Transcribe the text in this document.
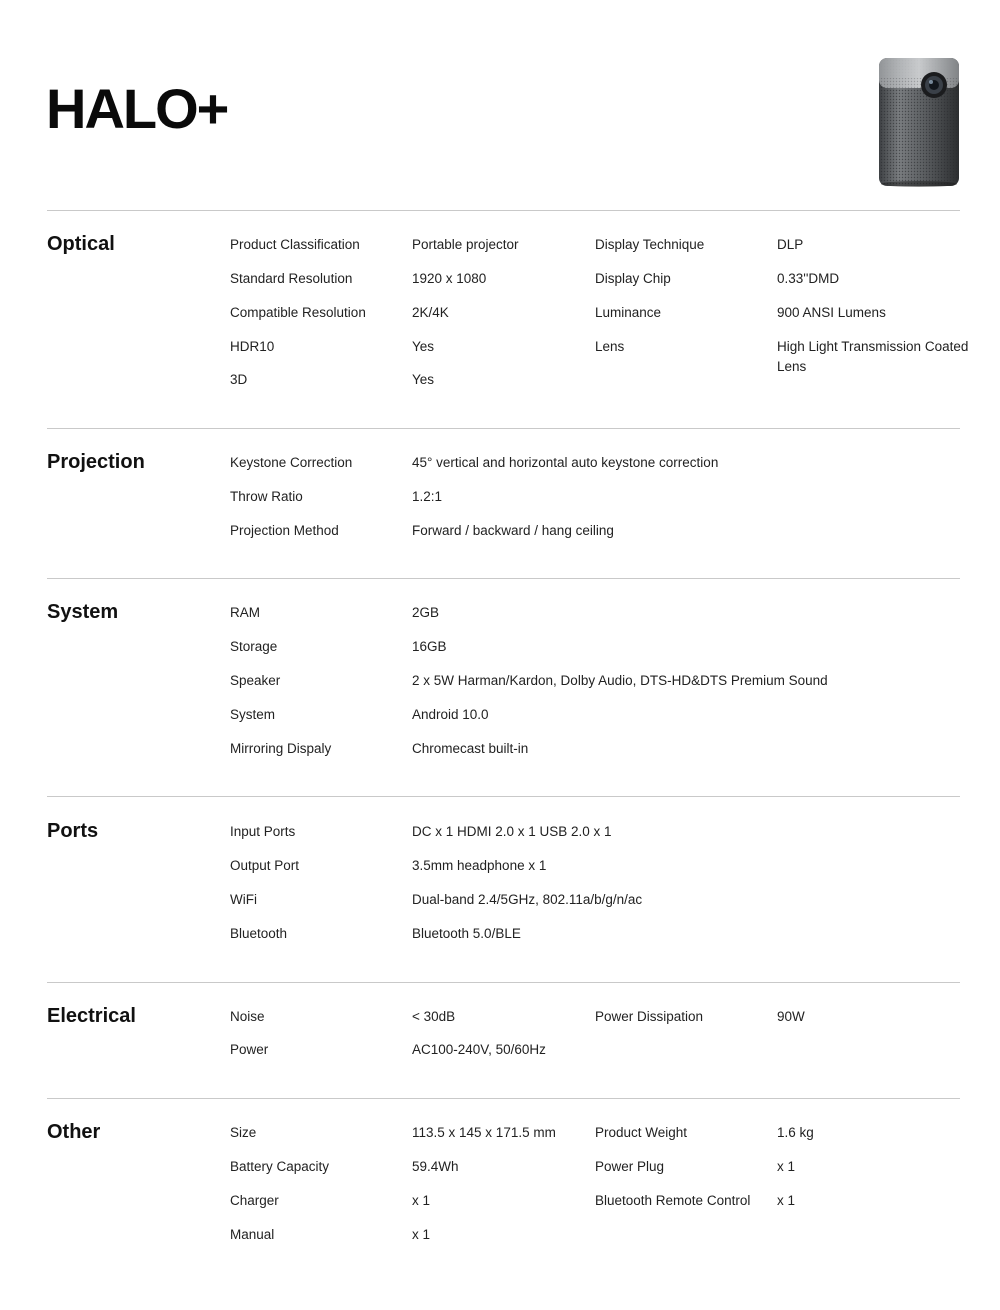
HALO+
Optical	Product Classification	Portable projector	Display Technique	DLP
Standard Resolution	1920 x 1080	Display Chip	0.33''DMD
Compatible Resolution	2K/4K	Luminance	900 ANSI Lumens
HDR10	Yes	Lens	High Light Transmission Coated Lens
3D	Yes
Projection	Keystone Correction	45° vertical and horizontal auto keystone correction
Throw Ratio	1.2:1
Projection Method	Forward / backward / hang ceiling
System	RAM	2GB
Storage	16GB
Speaker	2 x 5W Harman/Kardon, Dolby Audio, DTS-HD&DTS Premium Sound
System	Android 10.0
Mirroring Dispaly	Chromecast built-in
Ports	Input Ports	DC x 1 HDMI 2.0 x 1 USB 2.0 x 1
Output Port	3.5mm headphone x 1
WiFi	Dual-band 2.4/5GHz, 802.11a/b/g/n/ac
Bluetooth	Bluetooth 5.0/BLE
Electrical	Noise	< 30dB	Power Dissipation	90W
Power	AC100-240V, 50/60Hz
Other	Size	113.5 x 145 x 171.5 mm	Product Weight	1.6 kg
Battery Capacity	59.4Wh	Power Plug	x 1
Charger	x 1	Bluetooth Remote Control x 1
Manual	x 1
